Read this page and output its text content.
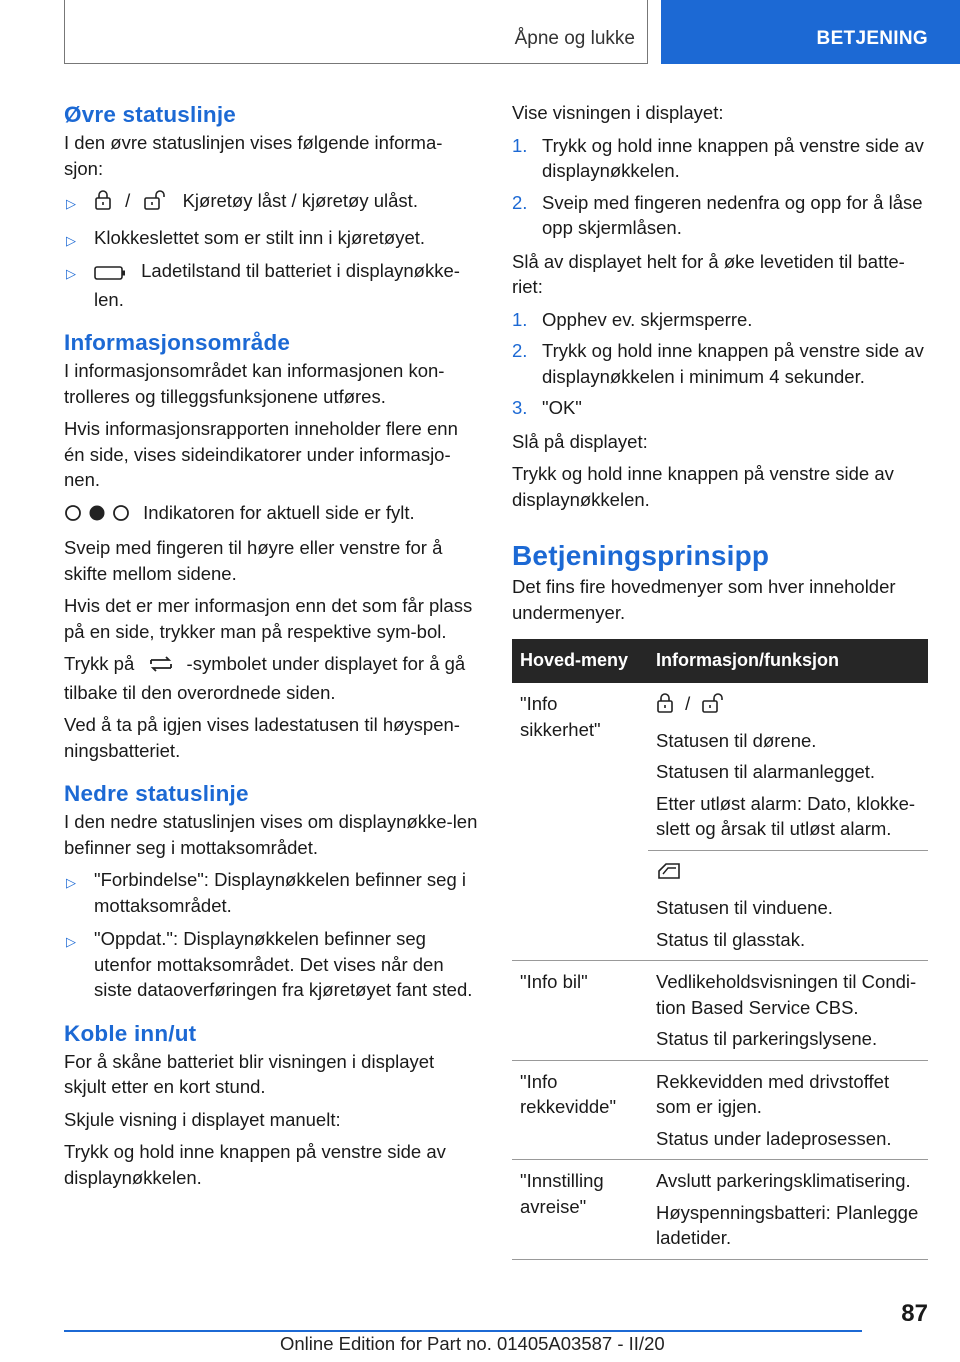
Åpne og lukke	BETJENING
Øvre statuslinje

I den øvre statuslinjen vises følgende informa-sjon:

▷	/	Kjøretøy låst / kjøretøy ulåst.
▷ Klokkeslettet som er stilt inn i kjøretøyet.
▷	Ladetilstand til batteriet i displaynøkke-len.
Informasjonsområde

I informasjonsområdet kan informasjonen kon-trolleres og tilleggsfunksjonene utføres.

Hvis informasjonsrapporten inneholder flere enn én side, vises sideindikatorer under informasjo-nen.

Indikatoren for aktuell side er fylt.

Sveip med fingeren til høyre eller venstre for å skifte mellom sidene.

Hvis det er mer informasjon enn det som får plass på en side, trykker man på respektive sym-bol.

Trykk på	-symbolet under displayet for å gå tilbake til den overordnede siden.

Ved å ta på igjen vises ladestatusen til høyspen-ningsbatteriet.

Nedre statuslinje

I den nedre statuslinjen vises om displaynøkke-len befinner seg i mottaksområdet.

▷ "Forbindelse": Displaynøkkelen befinner seg i mottaksområdet.
▷ "Oppdat.": Displaynøkkelen befinner seg utenfor mottaksområdet. Det vises når den siste dataoverføringen fra kjøretøyet fant sted.
Koble inn/ut

For å skåne batteriet blir visningen i displayet skjult etter en kort stund.

Skjule visning i displayet manuelt:

Trykk og hold inne knappen på venstre side av displaynøkkelen.

Vise visningen i displayet:

1. Trykk og hold inne knappen på venstre side av displaynøkkelen.
2. Sveip med fingeren nedenfra og opp for å låse opp skjermlåsen.

Slå av displayet helt for å øke levetiden til batte-riet:

1. Opphev ev. skjermsperre.
2. Trykk og hold inne knappen på venstre side av displaynøkkelen i minimum 4 sekunder.
3. "OK"

Slå på displayet:

Trykk og hold inne knappen på venstre side av displaynøkkelen.

Betjeningsprinsipp

Det fins fire hovedmenyer som hver inneholder undermenyer.

Hoved-meny	Informasjon/funksjon
"Info sikkerhet"	/

Statusen til dørene.

Statusen til alarmanlegget.

Etter utløst alarm: Dato, klokke-slett og årsak til utløst alarm.

	Statusen til vinduene.

Status til glasstak.

"Info bil"	Vedlikeholdsvisningen til Condi-tion Based Service CBS.

Status til parkeringslysene.

"Info rekkevidde"	Rekkevidden med drivstoffet som er igjen.

Status under ladeprosessen.

"Innstilling avreise"	Avslutt parkeringsklimatisering.

Høyspenningsbatteri: Planlegge ladetider.

87
Online Edition for Part no. 01405A03587 - II/20
